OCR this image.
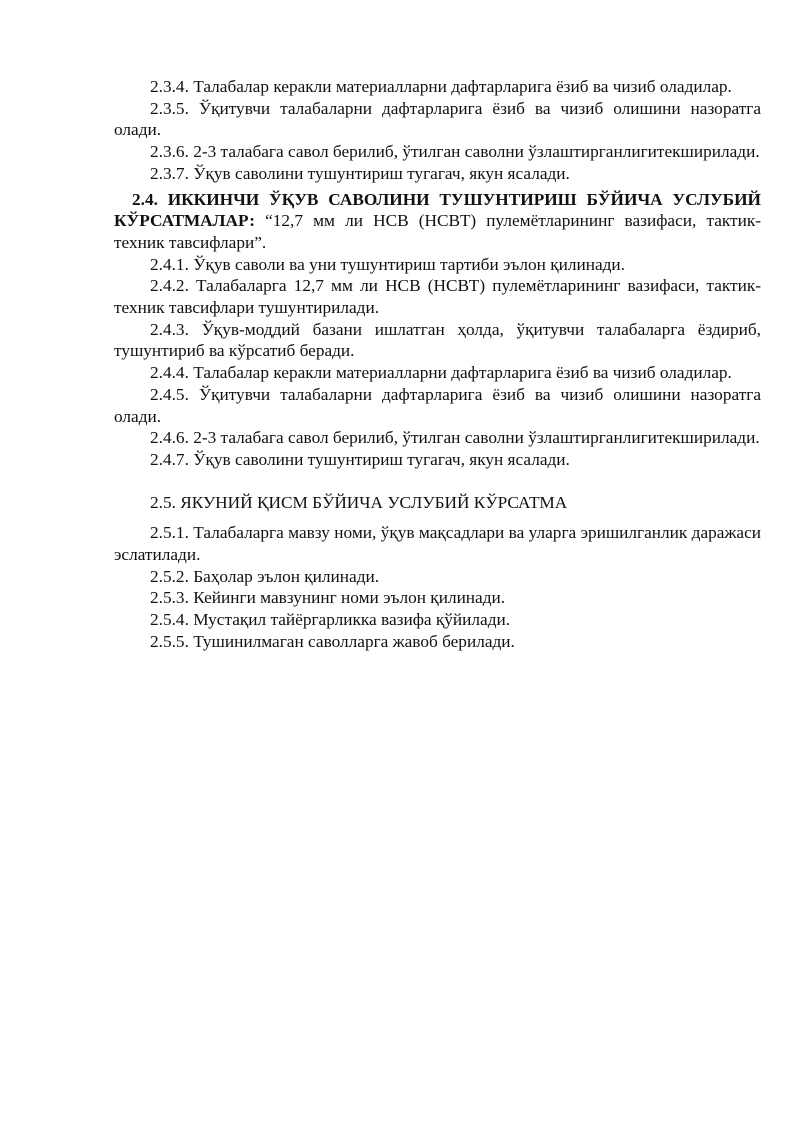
2.3.4. Талабалар керакли материалларни дафтарларига ёзиб ва чизиб оладилар.

2.3.5. Ўқитувчи талабаларни дафтарларига ёзиб ва чизиб олишини назоратга олади.

2.3.6. 2-3 талабага савол берилиб, ўтилган саволни ўзлаштирганлигитекширилади.

2.3.7. Ўқув саволини тушунтириш тугагач, якун ясалади.

2.4. ИККИНЧИ ЎҚУВ САВОЛИНИ ТУШУНТИРИШ БЎЙИЧА УСЛУБИЙ КЎРСАТМАЛАР: “12,7 мм ли НСВ (НСВТ) пулемётларининг вазифаси, тактик-техник тавсифлари”.

2.4.1. Ўқув саволи ва уни тушунтириш тартиби эълон қилинади.

2.4.2. Талабаларга 12,7 мм ли НСВ (НСВТ) пулемётларининг вазифаси, тактик-техник тавсифлари тушунтирилади.

2.4.3. Ўқув-моддий базани ишлатган ҳолда, ўқитувчи талабаларга ёздириб, тушунтириб ва кўрсатиб беради.

2.4.4. Талабалар керакли материалларни дафтарларига ёзиб ва чизиб оладилар.

2.4.5. Ўқитувчи талабаларни дафтарларига ёзиб ва чизиб олишини назоратга олади.

2.4.6. 2-3 талабага савол берилиб, ўтилган саволни ўзлаштирганлигитекширилади.

2.4.7. Ўқув саволини тушунтириш тугагач, якун ясалади.

2.5. ЯКУНИЙ ҚИСМ БЎЙИЧА УСЛУБИЙ КЎРСАТМА

2.5.1. Талабаларга мавзу номи, ўқув мақсадлари ва уларга эришилганлик даражаси эслатилади.

2.5.2. Баҳолар эълон қилинади.

2.5.3. Кейинги мавзунинг номи эълон қилинади.

2.5.4. Мустақил тайёргарликка вазифа қўйилади.

2.5.5. Тушинилмаган саволларга жавоб берилади.
